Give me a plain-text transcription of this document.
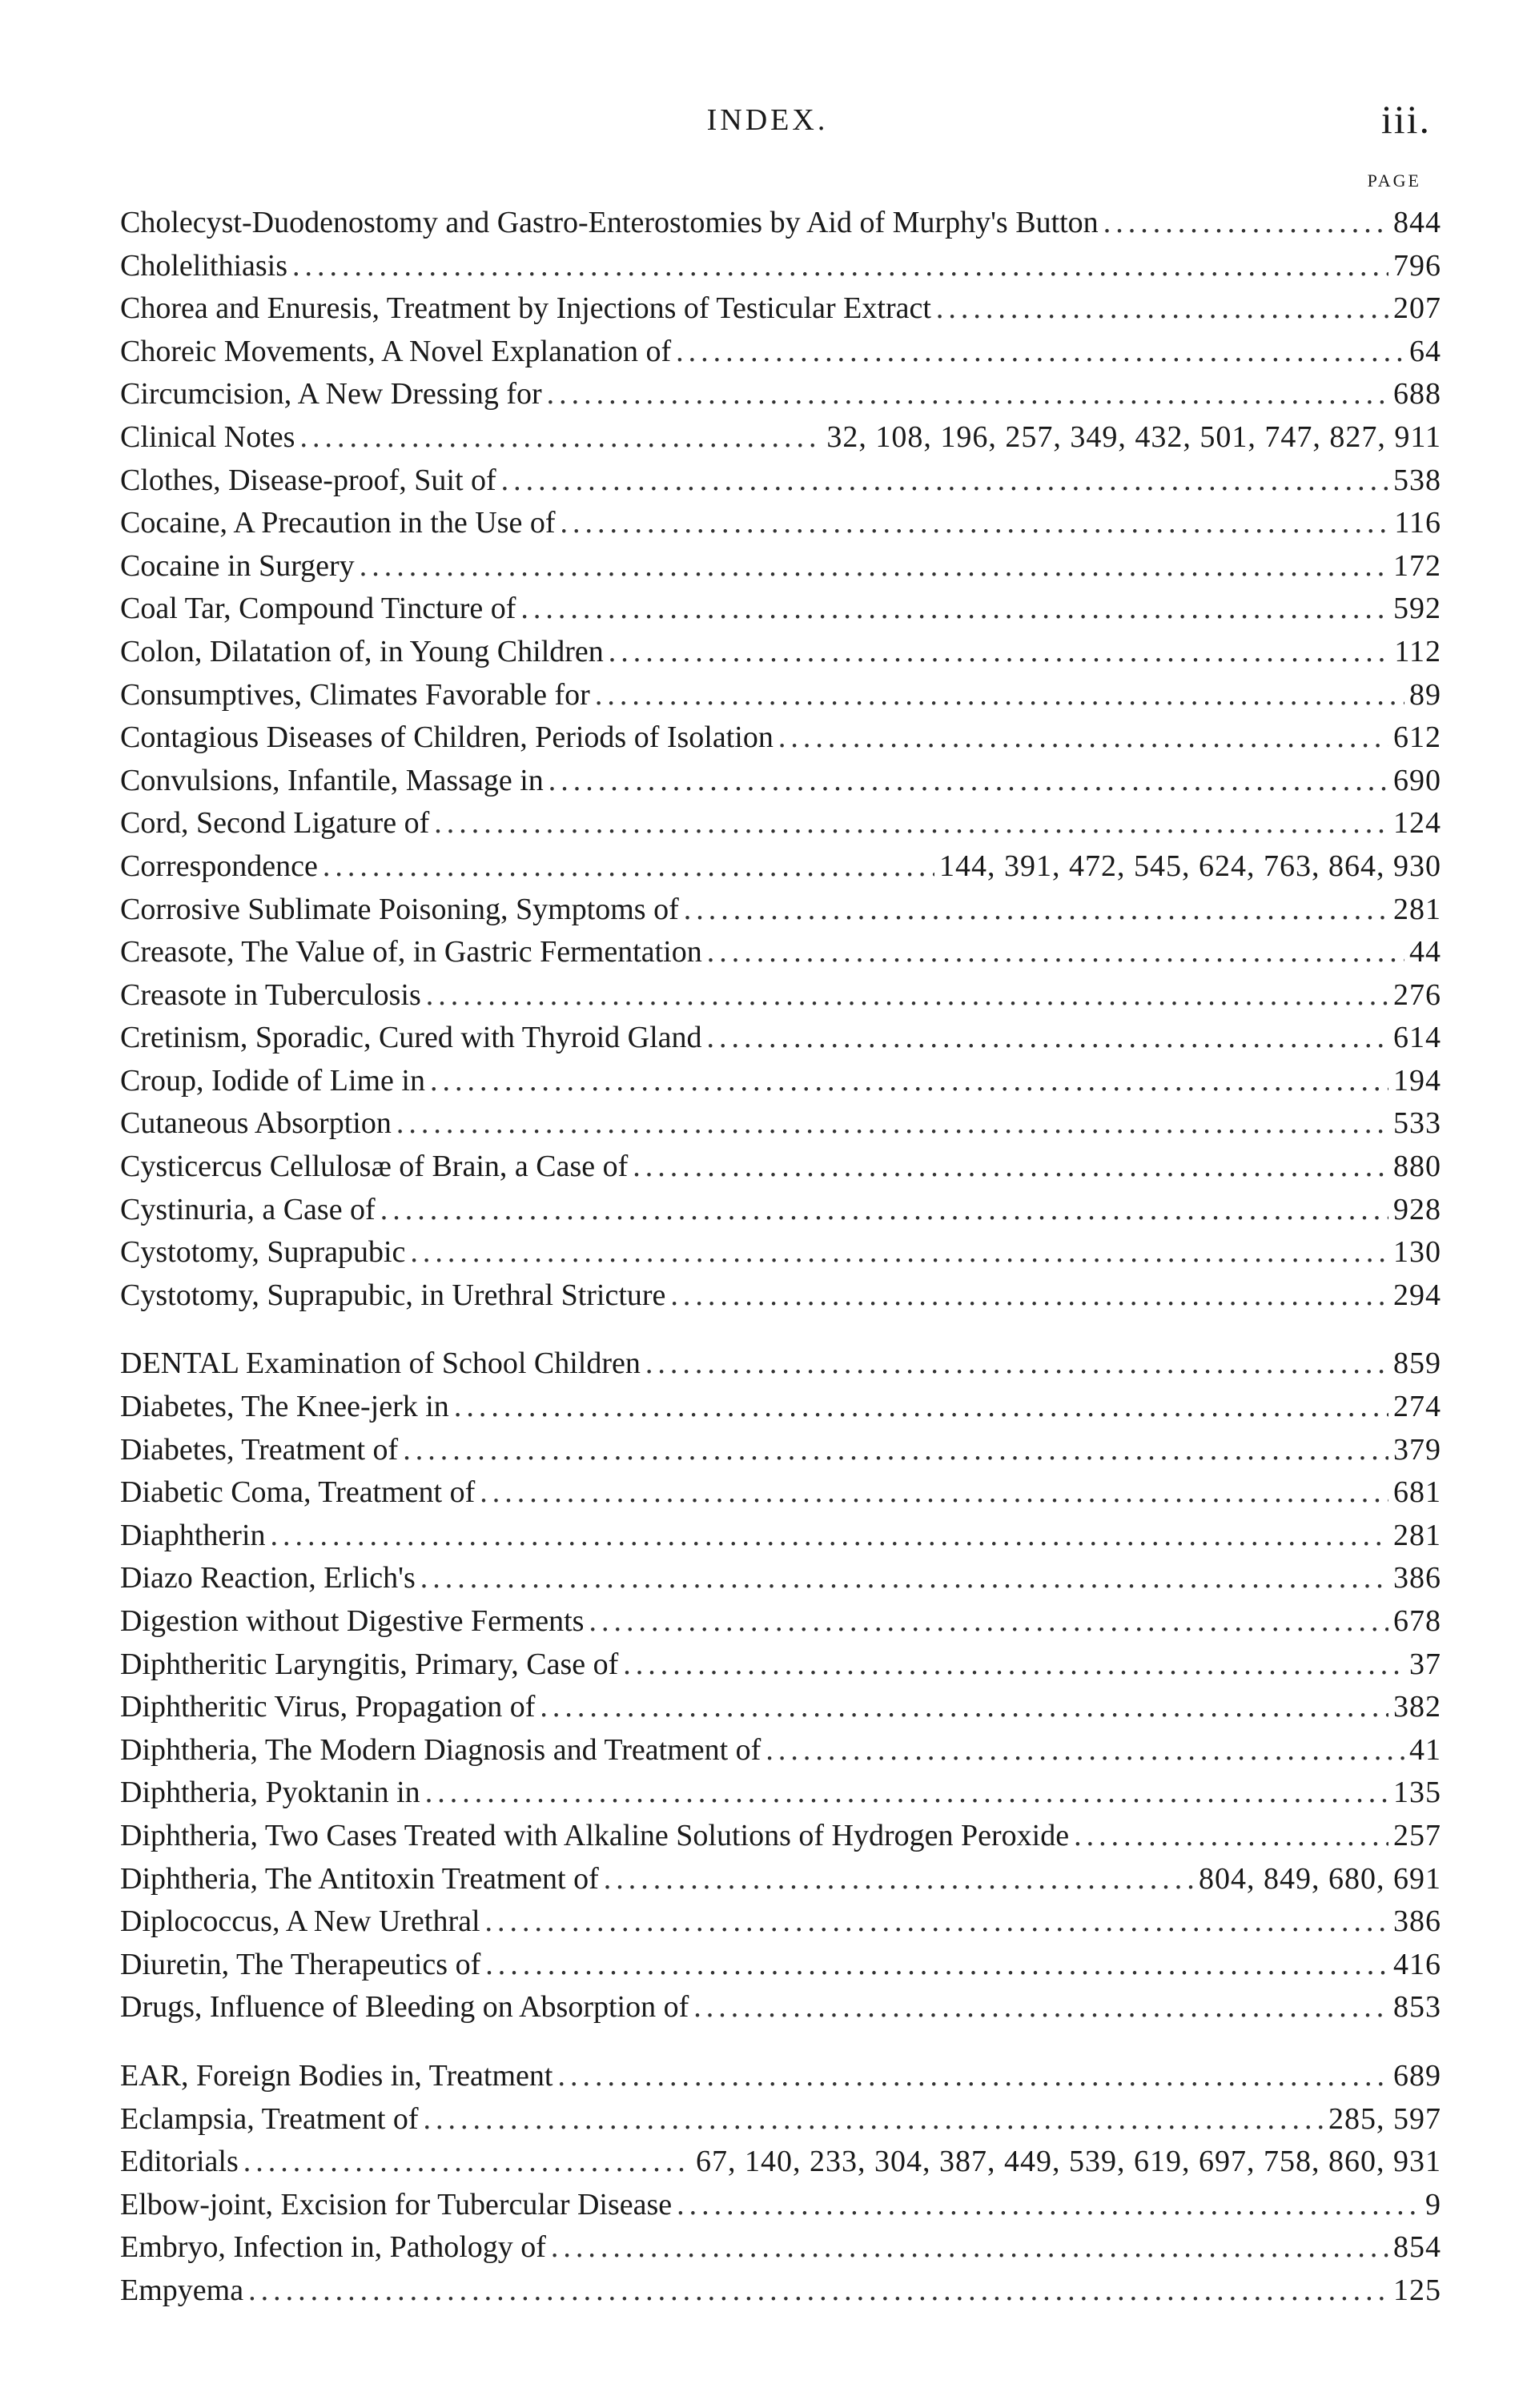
INDEX.	iii.
PAGE
Cholecyst-Duodenostomy and Gastro-Enterostomies by Aid of Murphy's Button .....	844
Cholelithiasis .....	796
Chorea and Enuresis, Treatment by Injections of Testicular Extract .....	207
Choreic Movements, A Novel Explanation of .....	64
Circumcision, A New Dressing for .....	688
Clinical Notes .....	32, 108, 196, 257, 349, 432, 501, 747, 827, 911
Clothes, Disease-proof, Suit of .....	538
Cocaine, A Precaution in the Use of .....	116
Cocaine in Surgery .....	172
Coal Tar, Compound Tincture of .....	592
Colon, Dilatation of, in Young Children .....	112
Consumptives, Climates Favorable for .....	89
Contagious Diseases of Children, Periods of Isolation .....	612
Convulsions, Infantile, Massage in .....	690
Cord, Second Ligature of .....	124
Correspondence .....	144, 391, 472, 545, 624, 763, 864, 930
Corrosive Sublimate Poisoning, Symptoms of .....	281
Creasote, The Value of, in Gastric Fermentation .....	44
Creasote in Tuberculosis .....	276
Cretinism, Sporadic, Cured with Thyroid Gland .....	614
Croup, Iodide of Lime in .....	194
Cutaneous Absorption .....	533
Cysticercus Cellulosæ of Brain, a Case of .....	880
Cystinuria, a Case of .....	928
Cystotomy, Suprapubic .....	130
Cystotomy, Suprapubic, in Urethral Stricture .....	294
DENTAL Examination of School Children .....	859
Diabetes, The Knee-jerk in .....	274
Diabetes, Treatment of .....	379
Diabetic Coma, Treatment of .....	681
Diaphtherin .....	281
Diazo Reaction, Erlich's .....	386
Digestion without Digestive Ferments .....	678
Diphtheritic Laryngitis, Primary, Case of .....	37
Diphtheritic Virus, Propagation of .....	382
Diphtheria, The Modern Diagnosis and Treatment of .....	41
Diphtheria, Pyoktanin in .....	135
Diphtheria, Two Cases Treated with Alkaline Solutions of Hydrogen Peroxide .....	257
Diphtheria, The Antitoxin Treatment of .....	804, 849, 680, 691
Diplococcus, A New Urethral .....	386
Diuretin, The Therapeutics of .....	416
Drugs, Influence of Bleeding on Absorption of .....	853
EAR, Foreign Bodies in, Treatment .....	689
Eclampsia, Treatment of .....	285, 597
Editorials .....	67, 140, 233, 304, 387, 449, 539, 619, 697, 758, 860, 931
Elbow-joint, Excision for Tubercular Disease .....	9
Embryo, Infection in, Pathology of .....	854
Empyema .....	125
